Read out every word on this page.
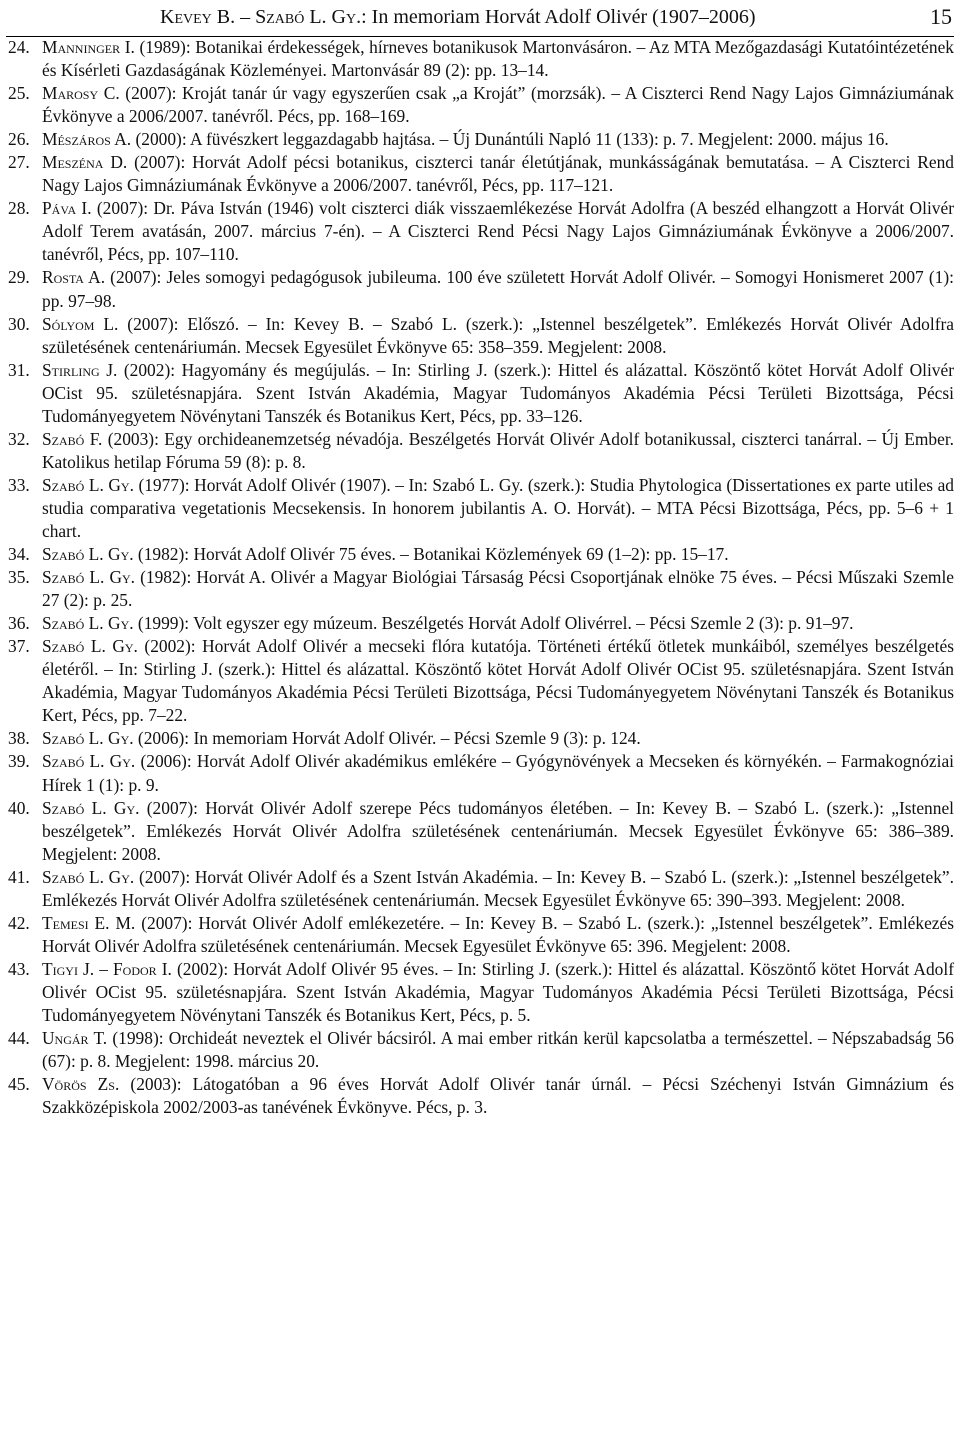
Kevey B. – Szabó L. Gy.: In memoriam Horvát Adolf Olivér (1907–2006)	15

24. Manninger I. (1989): Botanikai érdekességek, hírneves botanikusok Martonvásáron. – Az MTA Mezőgazdasági Kutatóintézetének és Kísérleti Gazdaságának Közleményei. Martonvásár 89 (2): pp. 13–14.

25. Marosy C. (2007): Kroját tanár úr vagy egyszerűen csak „a Kroját” (morzsák). – A Ciszterci Rend Nagy Lajos Gimnáziumának Évkönyve a 2006/2007. tanévről. Pécs, pp. 168–169.

26. Mészáros A. (2000): A füvészkert leggazdagabb hajtása. – Új Dunántúli Napló 11 (133): p. 7. Megjelent: 2000. május 16.

27. Meszéna D. (2007): Horvát Adolf pécsi botanikus, ciszterci tanár életútjának, munkásságának bemutatása. – A Ciszterci Rend Nagy Lajos Gimnáziumának Évkönyve a 2006/2007. tanévről, Pécs, pp. 117–121.

28. Páva I. (2007): Dr. Páva István (1946) volt ciszterci diák visszaemlékezése Horvát Adolfra (A beszéd elhangzott a Horvát Olivér Adolf Terem avatásán, 2007. március 7-én). – A Ciszterci Rend Pécsi Nagy Lajos Gimnáziumának Évkönyve a 2006/2007. tanévről, Pécs, pp. 107–110.

29. Rosta A. (2007): Jeles somogyi pedagógusok jubileuma. 100 éve született Horvát Adolf Olivér. – Somogyi Honismeret 2007 (1): pp. 97–98.

30. Sólyom L. (2007): Előszó. – In: Kevey B. – Szabó L. (szerk.): „Istennel beszélgetek”. Emlékezés Horvát Olivér Adolfra születésének centenáriumán. Mecsek Egyesület Évkönyve 65: 358–359. Megjelent: 2008.

31. Stirling J. (2002): Hagyomány és megújulás. – In: Stirling J. (szerk.): Hittel és alázattal. Köszöntő kötet Horvát Adolf Olivér OCist 95. születésnapjára. Szent István Akadémia, Magyar Tudományos Akadémia Pécsi Területi Bizottsága, Pécsi Tudományegyetem Növénytani Tanszék és Botanikus Kert, Pécs, pp. 33–126.

32. Szabó F. (2003): Egy orchideanemzetség névadója. Beszélgetés Horvát Olivér Adolf botanikussal, ciszterci tanárral. – Új Ember. Katolikus hetilap Fóruma 59 (8): p. 8.

33. Szabó L. Gy. (1977): Horvát Adolf Olivér (1907). – In: Szabó L. Gy. (szerk.): Studia Phytologica (Dissertationes ex parte utiles ad studia comparativa vegetationis Mecsekensis. In honorem jubilantis A. O. Horvát). – MTA Pécsi Bizottsága, Pécs, pp. 5–6 + 1 chart.

34. Szabó L. Gy. (1982): Horvát Adolf Olivér 75 éves. – Botanikai Közlemények 69 (1–2): pp. 15–17.

35. Szabó L. Gy. (1982): Horvát A. Olivér a Magyar Biológiai Társaság Pécsi Csoportjának elnöke 75 éves. – Pécsi Műszaki Szemle 27 (2): p. 25.

36. Szabó L. Gy. (1999): Volt egyszer egy múzeum. Beszélgetés Horvát Adolf Olivérrel. – Pécsi Szemle 2 (3): p. 91–97.

37. Szabó L. Gy. (2002): Horvát Adolf Olivér a mecseki flóra kutatója. Történeti értékű ötletek munkáiból, személyes beszélgetés életéről. – In: Stirling J. (szerk.): Hittel és alázattal. Köszöntő kötet Horvát Adolf Olivér OCist 95. születésnapjára. Szent István Akadémia, Magyar Tudományos Akadémia Pécsi Területi Bizottsága, Pécsi Tudományegyetem Növénytani Tanszék és Botanikus Kert, Pécs, pp. 7–22.

38. Szabó L. Gy. (2006): In memoriam Horvát Adolf Olivér. – Pécsi Szemle 9 (3): p. 124.

39. Szabó L. Gy. (2006): Horvát Adolf Olivér akadémikus emlékére – Gyógynövények a Mecseken és környékén. – Farmakognóziai Hírek 1 (1): p. 9.

40. Szabó L. Gy. (2007): Horvát Olivér Adolf szerepe Pécs tudományos életében. – In: Kevey B. – Szabó L. (szerk.): „Istennel beszélgetek”. Emlékezés Horvát Olivér Adolfra születésének centenáriumán. Mecsek Egyesület Évkönyve 65: 386–389. Megjelent: 2008.

41. Szabó L. Gy. (2007): Horvát Olivér Adolf és a Szent István Akadémia. – In: Kevey B. – Szabó L. (szerk.): „Istennel beszélgetek”. Emlékezés Horvát Olivér Adolfra születésének centenáriumán. Mecsek Egyesület Évkönyve 65: 390–393. Megjelent: 2008.

42. Temesi E. M. (2007): Horvát Olivér Adolf emlékezetére. – In: Kevey B. – Szabó L. (szerk.): „Istennel beszélgetek”. Emlékezés Horvát Olivér Adolfra születésének centenáriumán. Mecsek Egyesület Évkönyve 65: 396. Megjelent: 2008.

43. Tigyi J. – Fodor I. (2002): Horvát Adolf Olivér 95 éves. – In: Stirling J. (szerk.): Hittel és alázattal. Köszöntő kötet Horvát Adolf Olivér OCist 95. születésnapjára. Szent István Akadémia, Magyar Tudományos Akadémia Pécsi Területi Bizottsága, Pécsi Tudományegyetem Növénytani Tanszék és Botanikus Kert, Pécs, p. 5.

44. Ungár T. (1998): Orchideát neveztek el Olivér bácsiról. A mai ember ritkán kerül kapcsolatba a természettel. – Népszabadság 56 (67): p. 8. Megjelent: 1998. március 20.

45. Vörös Zs. (2003): Látogatóban a 96 éves Horvát Adolf Olivér tanár úrnál. – Pécsi Széchenyi István Gimnázium és Szakközépiskola 2002/2003-as tanévének Évkönyve. Pécs, p. 3.
